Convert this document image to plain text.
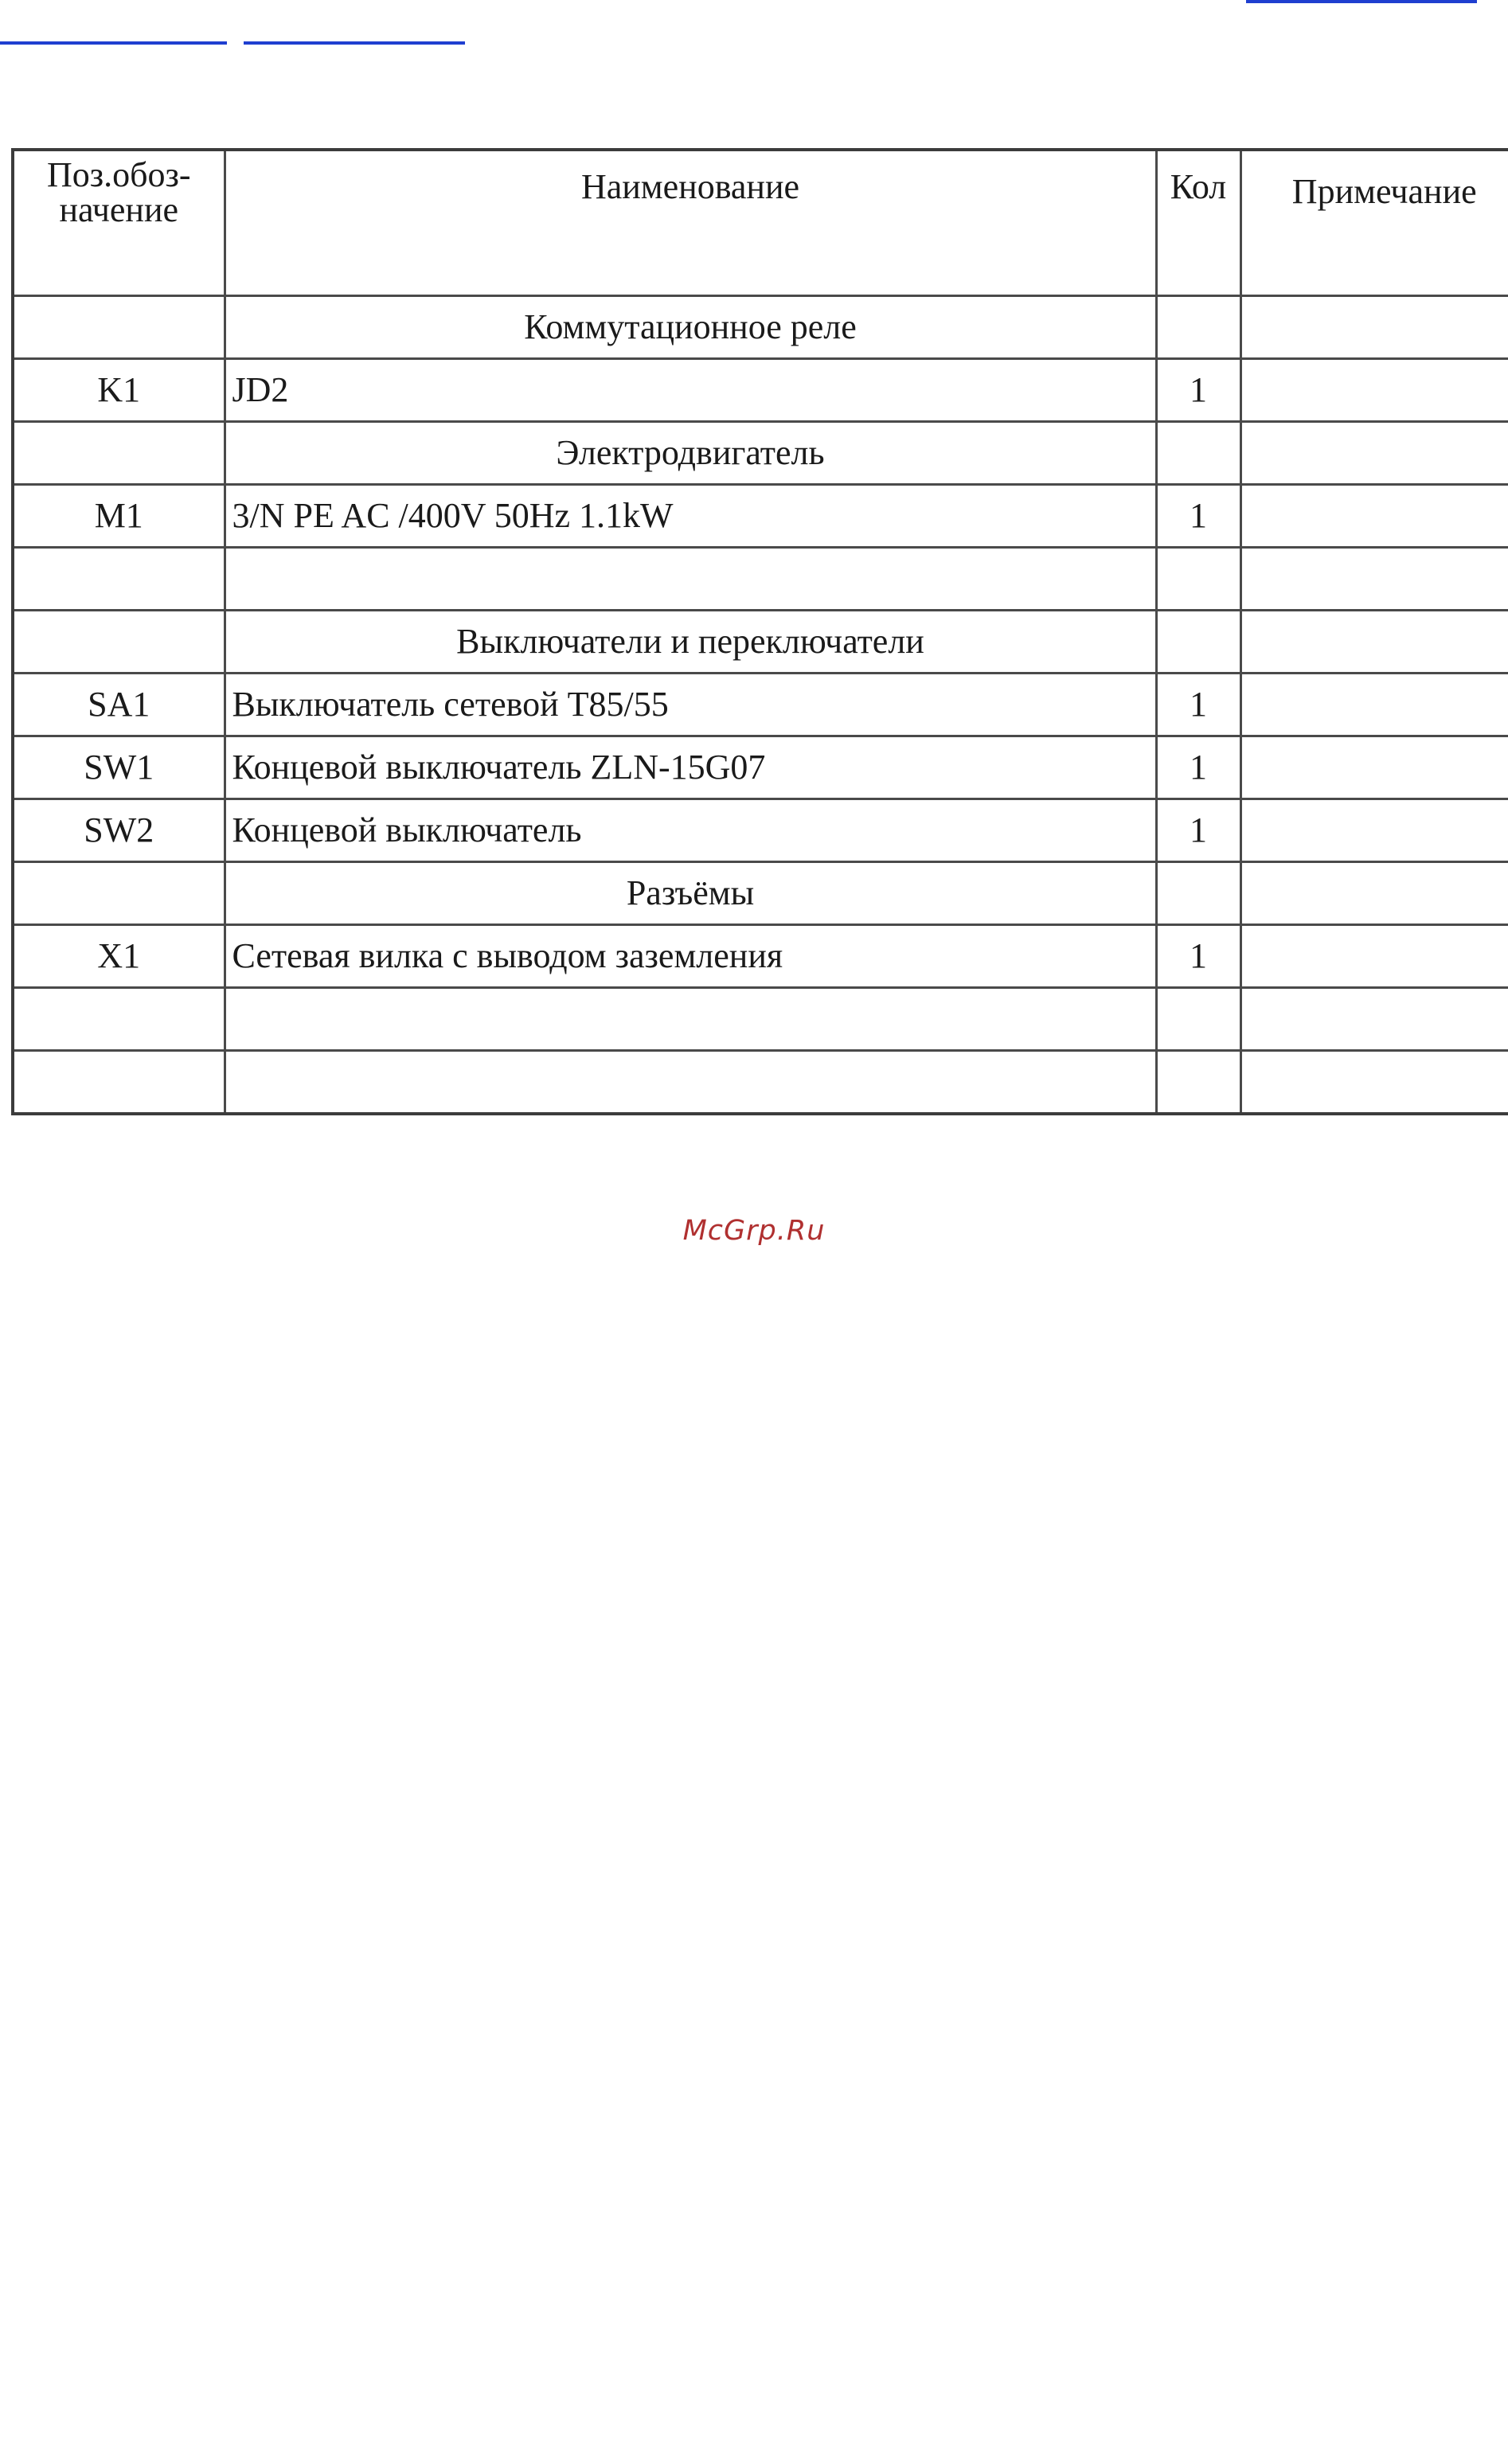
Поз.обоз-
начение	Наименование	Кол	Примечание
	Коммутационное реле		
K1	JD2	1	
	Электродвигатель		
M1	3/N PE AC /400V 50Hz 1.1kW	1	

	Выключатели и переключатели		
SA1	Выключатель сетевой T85/55	1	
SW1	Концевой выключатель ZLN-15G07	1	
SW2	Концевой выключатель	1	
	Разъёмы		
X1	Сетевая вилка с выводом заземления	1	

McGrp.Ru
